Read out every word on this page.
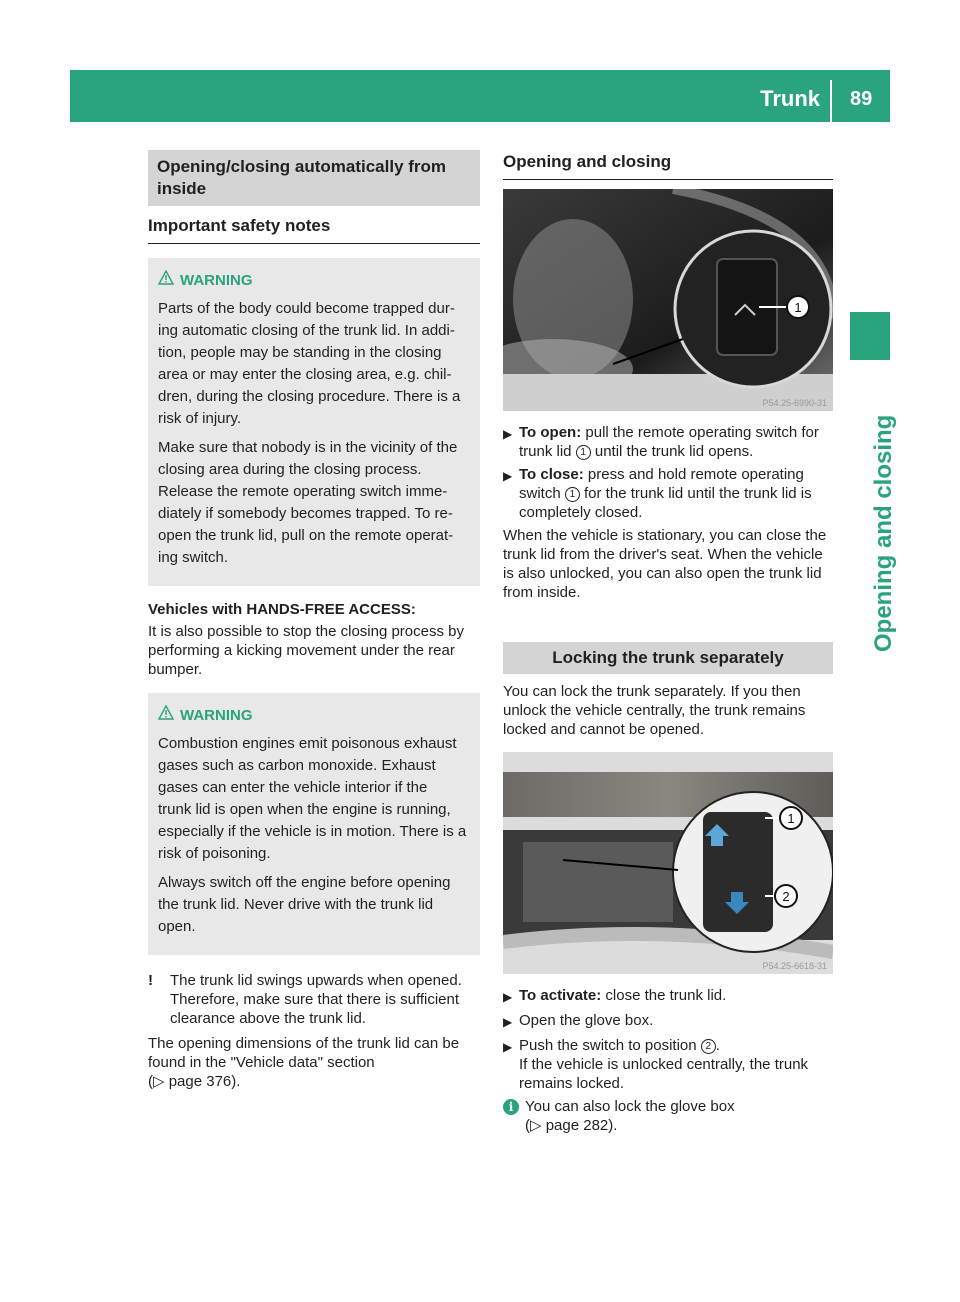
Trunk 89
Opening and closing
Opening/closing automatically from
inside
Important safety notes
WARNING

Parts of the body could become trapped dur-
ing automatic closing of the trunk lid. In addi-
tion, people may be standing in the closing
area or may enter the closing area, e.g. chil-
dren, during the closing procedure. There is a
risk of injury.

Make sure that nobody is in the vicinity of the
closing area during the closing process.
Release the remote operating switch imme-
diately if somebody becomes trapped. To re-
open the trunk lid, pull on the remote operat-
ing switch.

Vehicles with HANDS-FREE ACCESS:

It is also possible to stop the closing process by
performing a kicking movement under the rear
bumper.

WARNING

Combustion engines emit poisonous exhaust
gases such as carbon monoxide. Exhaust
gases can enter the vehicle interior if the
trunk lid is open when the engine is running,
especially if the vehicle is in motion. There is a
risk of poisoning.

Always switch off the engine before opening
the trunk lid. Never drive with the trunk lid
open.

!	The trunk lid swings upwards when opened.
Therefore, make sure that there is sufficient
clearance above the trunk lid.

The opening dimensions of the trunk lid can be
found in the "Vehicle data" section
(▷ page 376).

Opening and closing
1
P54.25-6990-31
▶ To open: pull the remote operating switch for
trunk lid 1 until the trunk lid opens.
▶ To close: press and hold remote operating
switch 1 for the trunk lid until the trunk lid is
completely closed.

When the vehicle is stationary, you can close the
trunk lid from the driver's seat. When the vehicle
is also unlocked, you can also open the trunk lid
from inside.

Locking the trunk separately

You can lock the trunk separately. If you then
unlock the vehicle centrally, the trunk remains
locked and cannot be opened.

1
2
P54.25-6618-31
▶ To activate: close the trunk lid.
▶ Open the glove box.
▶ Push the switch to position 2 .
If the vehicle is unlocked centrally, the trunk
remains locked.
i You can also lock the glove box
(▷ page 282).
